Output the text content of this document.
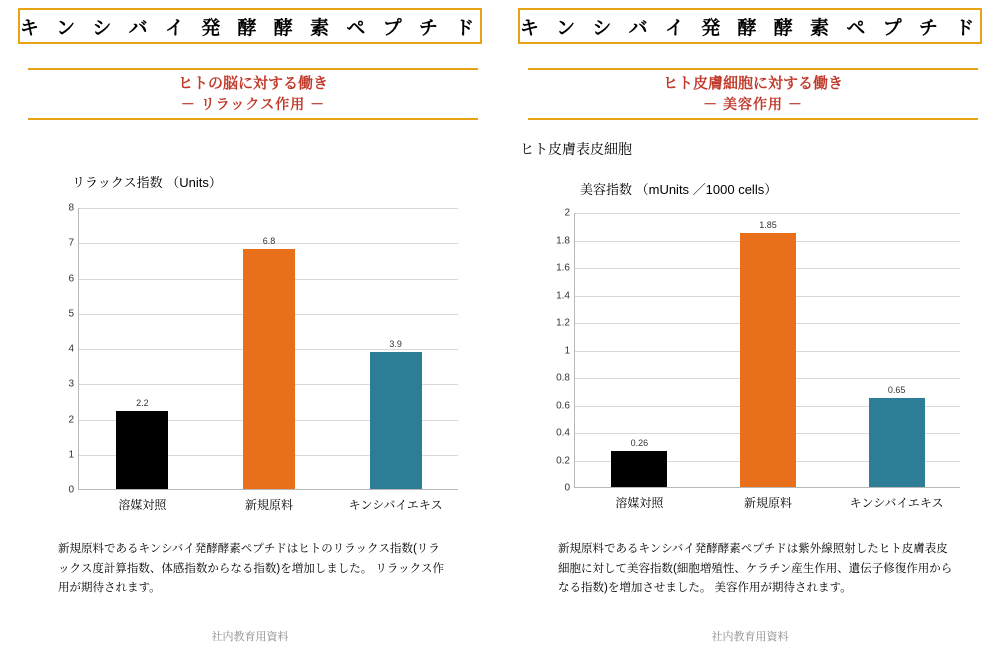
キ ン シ バ イ 発 酵 酵 素 ペ プ チ ド
ヒトの脳に対する働き
－ リラックス作用 －
リラックス指数 （Units）
0
1
2
3
4
5
6
7
8
2.2
溶媒対照
6.8
新規原料
3.9
キンシバイエキス
新規原料であるキンシバイ発酵酵素ペプチドはヒトのリラックス指数(リラックス度計算指数、体感指数からなる指数)を増加しました。 リラックス作用が期待されます。
社内教育用資料
キ ン シ バ イ 発 酵 酵 素 ペ プ チ ド
ヒト皮膚細胞に対する働き
－ 美容作用 －
ヒト皮膚表皮細胞
美容指数 （mUnits ／1000 cells）
0
0.2
0.4
0.6
0.8
1
1.2
1.4
1.6
1.8
2
0.26
溶媒対照
1.85
新規原料
0.65
キンシバイエキス
新規原料であるキンシバイ発酵酵素ペプチドは紫外線照射したヒト皮膚表皮細胞に対して美容指数(細胞増殖性、ケラチン産生作用、遺伝子修復作用からなる指数)を増加させました。 美容作用が期待されます。
社内教育用資料
